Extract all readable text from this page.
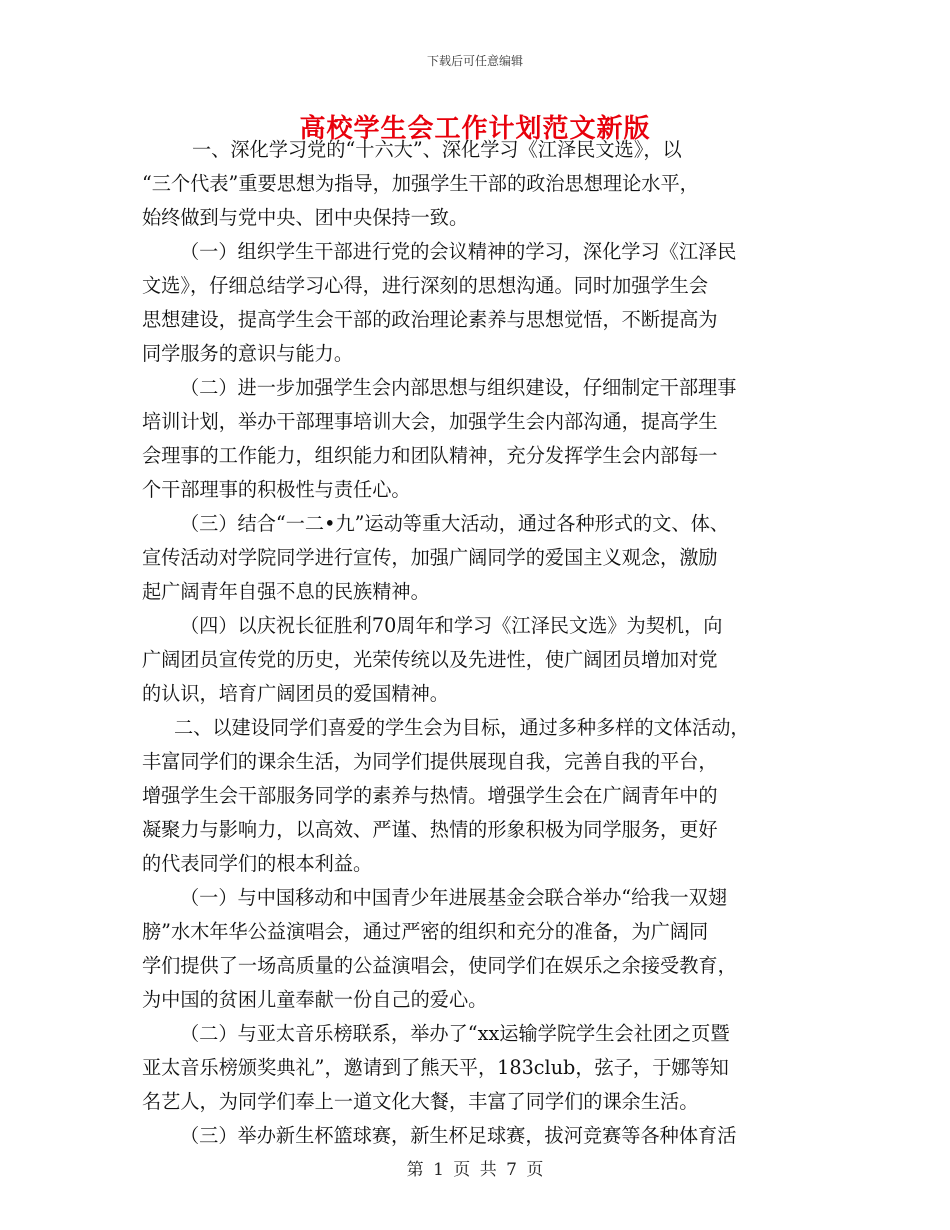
下载后可任意编辑
高校学生会工作计划范文新版
一、深化学习党的“十六大”、深化学习《江泽民文选》，以
“三个代表”重要思想为指导，加强学生干部的政治思想理论水平，
始终做到与党中央、团中央保持一致。
（一）组织学生干部进行党的会议精神的学习，深化学习《江泽民
文选》，仔细总结学习心得，进行深刻的思想沟通。同时加强学生会
思想建设，提高学生会干部的政治理论素养与思想觉悟，不断提高为
同学服务的意识与能力。
（二）进一步加强学生会内部思想与组织建设，仔细制定干部理事
培训计划，举办干部理事培训大会，加强学生会内部沟通，提高学生
会理事的工作能力，组织能力和团队精神，充分发挥学生会内部每一
个干部理事的积极性与责任心。
（三）结合“一二•九”运动等重大活动，通过各种形式的文、体、
宣传活动对学院同学进行宣传，加强广阔同学的爱国主义观念，激励
起广阔青年自强不息的民族精神。
（四）以庆祝长征胜利70周年和学习《江泽民文选》为契机，向
广阔团员宣传党的历史，光荣传统以及先进性，使广阔团员增加对党
的认识，培育广阔团员的爱国精神。
二、以建设同学们喜爱的学生会为目标，通过多种多样的文体活动，
丰富同学们的课余生活，为同学们提供展现自我，完善自我的平台，
增强学生会干部服务同学的素养与热情。增强学生会在广阔青年中的
凝聚力与影响力，以高效、严谨、热情的形象积极为同学服务，更好
的代表同学们的根本利益。
（一）与中国移动和中国青少年进展基金会联合举办“给我一双翅
膀”水木年华公益演唱会，通过严密的组织和充分的准备，为广阔同
学们提供了一场高质量的公益演唱会，使同学们在娱乐之余接受教育，
为中国的贫困儿童奉献一份自己的爱心。
（二）与亚太音乐榜联系，举办了“xx运输学院学生会社团之页暨
亚太音乐榜颁奖典礼”，邀请到了熊天平，183club，弦子，于娜等知
名艺人，为同学们奉上一道文化大餐，丰富了同学们的课余生活。
（三）举办新生杯篮球赛，新生杯足球赛，拔河竞赛等各种体育活
第 1 页 共 7 页
